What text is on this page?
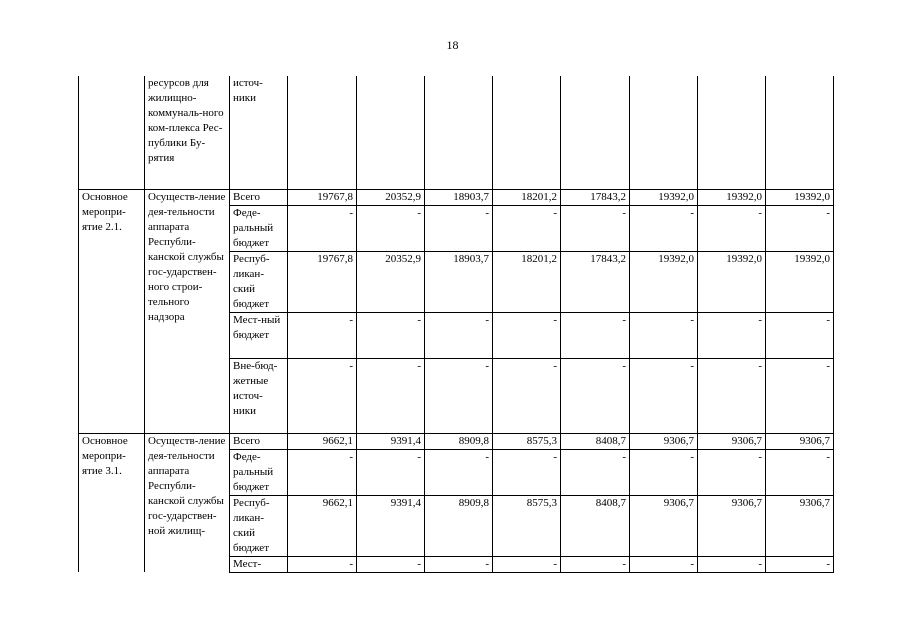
18
	ресурсов для жилищно-коммуналь-ного ком-плекса Рес-публики Бу-рятия	источ-ники								
Основное меропри-ятие 2.1.	Осуществ-ление дея-тельности аппарата Республи-канской службы гос-ударствен-ного строи-тельного надзора	Всего	19767,8	20352,9	18903,7	18201,2	17843,2	19392,0	19392,0	19392,0
		Феде-ральный бюджет	-	-	-	-	-	-	-	-
		Респуб-ликан-ский бюджет	19767,8	20352,9	18903,7	18201,2	17843,2	19392,0	19392,0	19392,0
		Мест-ный бюджет	-	-	-	-	-	-	-	-
		Вне-бюд-жетные источ-ники	-	-	-	-	-	-	-	-
Основное меропри-ятие 3.1.	Осуществ-ление дея-тельности аппарата Республи-канской службы гос-ударствен-ной жилищ-	Всего	9662,1	9391,4	8909,8	8575,3	8408,7	9306,7	9306,7	9306,7
		Феде-ральный бюджет	-	-	-	-	-	-	-	-
		Респуб-ликан-ский бюджет	9662,1	9391,4	8909,8	8575,3	8408,7	9306,7	9306,7	9306,7
		Мест-	-	-	-	-	-	-	-	-
